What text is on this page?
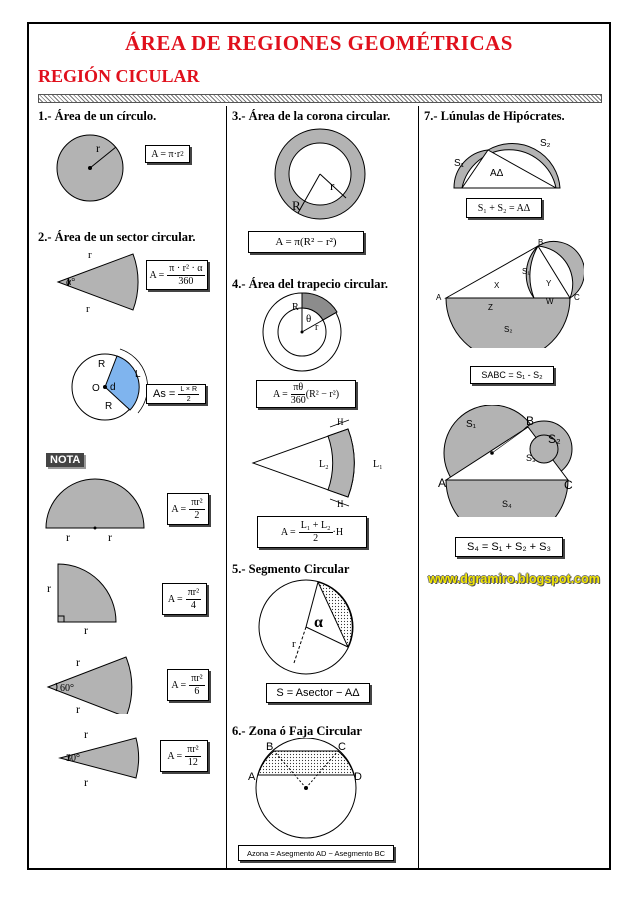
ÁREA DE REGIONES GEOMÉTRICAS
REGIÓN CICULAR
1.- Área de un círculo.
r	A = π·r 2
2.- Área de un sector circular.
r
r
α°
$A = \frac{\text{π · r² · α}}{360}$
O d
R
R
L
$As = \frac{L \times R}{2}$
NOTA
r	r
$A = \frac{\text{πr²}}{2}$
r
r
$A = \frac{\text{πr²}}{4}$
r
60°
r
$A = \frac{\text{πr²}}{6}$
r
30°
r
$A = \frac{\text{πr²}}{12}$
3.- Área de la corona circular.
r
R
A = π(R² − r²)
4.- Área del trapecio circular.
R
r
θ
$A = \frac{\pi\theta}{360} (R^2 - r^2)$
H
H
L₂	L₁
$A = \frac{\text{L₁ + L₂}}{2} \cdot H$
5.- Segmento Circular
α
r
S = Asector − AΔ
6.- Zona ó Faja Circular
B	C
A	D
Azona = Asegmento AD − Asegmento BC
7.- Lúnulas de Hipócrates.
S₁
S₂
AΔ
S₁ + S₂ = AΔ
B
S₁
X	Y
A
Z
W	C
S₂
SABC = S₁ - S₂
S₁	B
S₂
S₃
A	C
S₄
S₄ = S₁ + S₂ + S₃
www.dgramiro.blogspot.com
